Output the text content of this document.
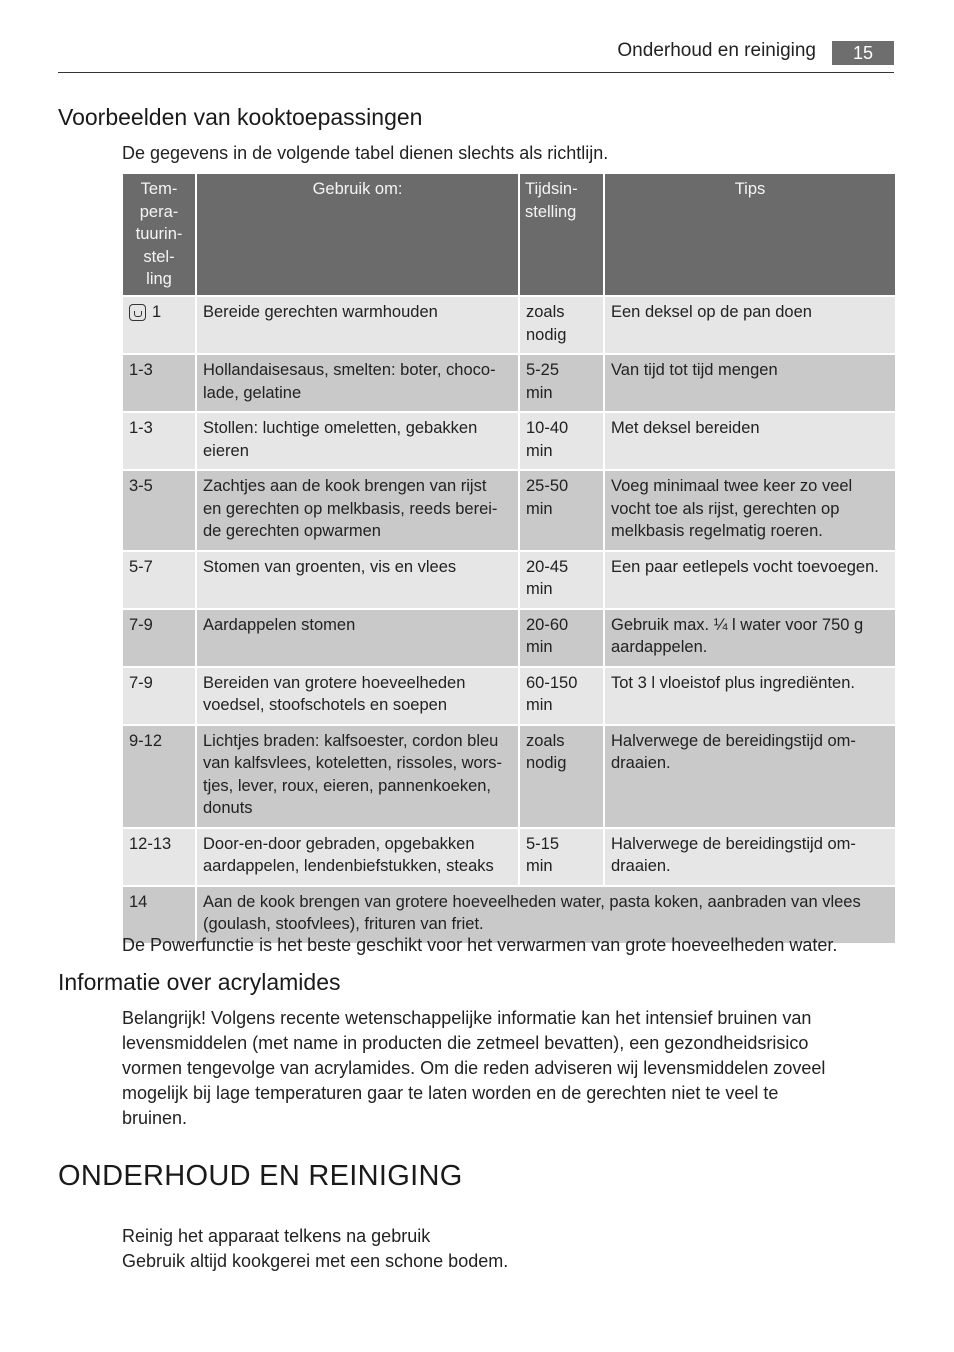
Onderhoud en reiniging	15
Voorbeelden van kooktoepassingen

De gegevens in de volgende tabel dienen slechts als richtlijn.

Tem-
pera-
tuurin-
stel-
ling	Gebruik om:	Tijdsin-
stelling	Tips
1	Bereide gerechten warmhouden	zoals
nodig	Een deksel op de pan doen
1-3	Hollandaisesaus, smelten: boter, choco-
lade, gelatine	5-25
min	Van tijd tot tijd mengen
1-3	Stollen: luchtige omeletten, gebakken
eieren	10-40
min	Met deksel bereiden
3-5	Zachtjes aan de kook brengen van rijst
en gerechten op melkbasis, reeds berei-
de gerechten opwarmen	25-50
min	Voeg minimaal twee keer zo veel
vocht toe als rijst, gerechten op
melkbasis regelmatig roeren.
5-7	Stomen van groenten, vis en vlees	20-45
min	Een paar eetlepels vocht toevoegen.
7-9	Aardappelen stomen	20-60
min	Gebruik max. ¼ l water voor 750 g
aardappelen.
7-9	Bereiden van grotere hoeveelheden
voedsel, stoofschotels en soepen	60-150
min	Tot 3 l vloeistof plus ingrediënten.
9-12	Lichtjes braden: kalfsoester, cordon bleu
van kalfsvlees, koteletten, rissoles, wors-
tjes, lever, roux, eieren, pannenkoeken,
donuts	zoals
nodig	Halverwege de bereidingstijd om-
draaien.
12-13	Door-en-door gebraden, opgebakken
aardappelen, lendenbiefstukken, steaks	5-15
min	Halverwege de bereidingstijd om-
draaien.
14	Aan de kook brengen van grotere hoeveelheden water, pasta koken, aanbraden van vlees
(goulash, stoofvlees), frituren van friet.		

De Powerfunctie is het beste geschikt voor het verwarmen van grote hoeveelheden water.

Informatie over acrylamides

Belangrijk! Volgens recente wetenschappelijke informatie kan het intensief bruinen van
levensmiddelen (met name in producten die zetmeel bevatten), een gezondheidsrisico
vormen tengevolge van acrylamides. Om die reden adviseren wij levensmiddelen zoveel
mogelijk bij lage temperaturen gaar te laten worden en de gerechten niet te veel te
bruinen.

ONDERHOUD EN REINIGING

Reinig het apparaat telkens na gebruik

Gebruik altijd kookgerei met een schone bodem.
